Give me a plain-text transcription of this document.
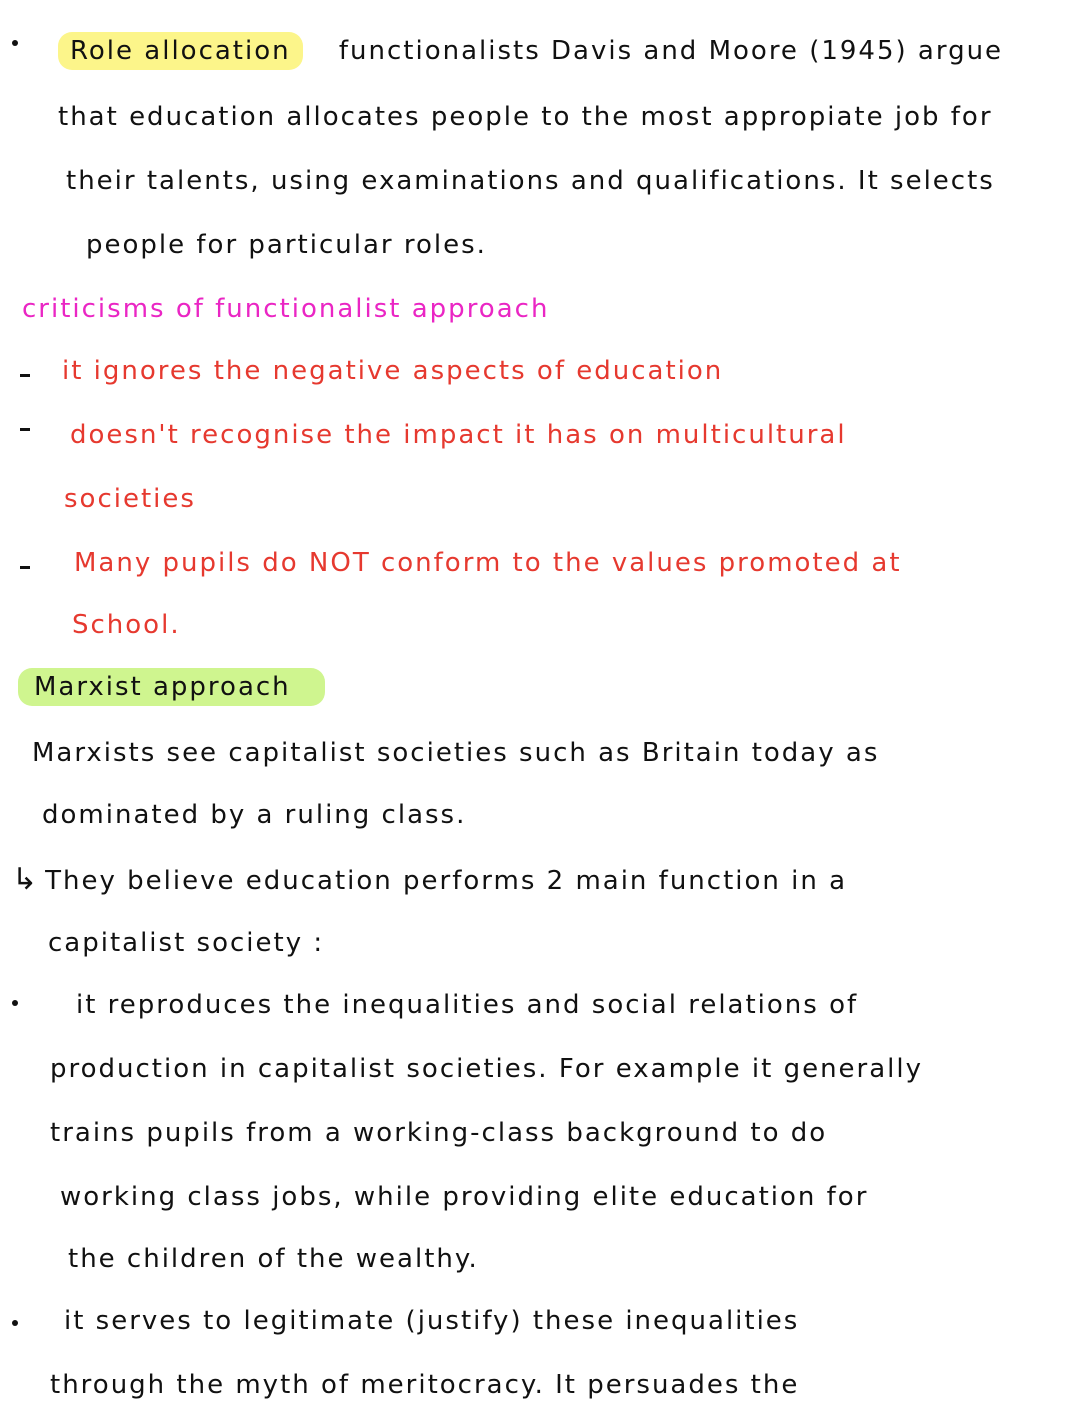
Role allocation functionalists Davis and Moore (1945) argue
that education allocates people to the most appropiate job for
their talents, using examinations and qualifications. It selects
people for particular roles.
criticisms of functionalist approach
it ignores the negative aspects of education
doesn't recognise the impact it has on multicultural
societies
Many pupils do NOT conform to the values promoted at
School.
Marxist approach
Marxists see capitalist societies such as Britain today as
dominated by a ruling class.
↳ They believe education performs 2 main function in a
capitalist society :
it reproduces the inequalities and social relations of
production in capitalist societies. For example it generally
trains pupils from a working-class background to do
working class jobs, while providing elite education for
the children of the wealthy.
it serves to legitimate (justify) these inequalities
through the myth of meritocracy. It persuades the
